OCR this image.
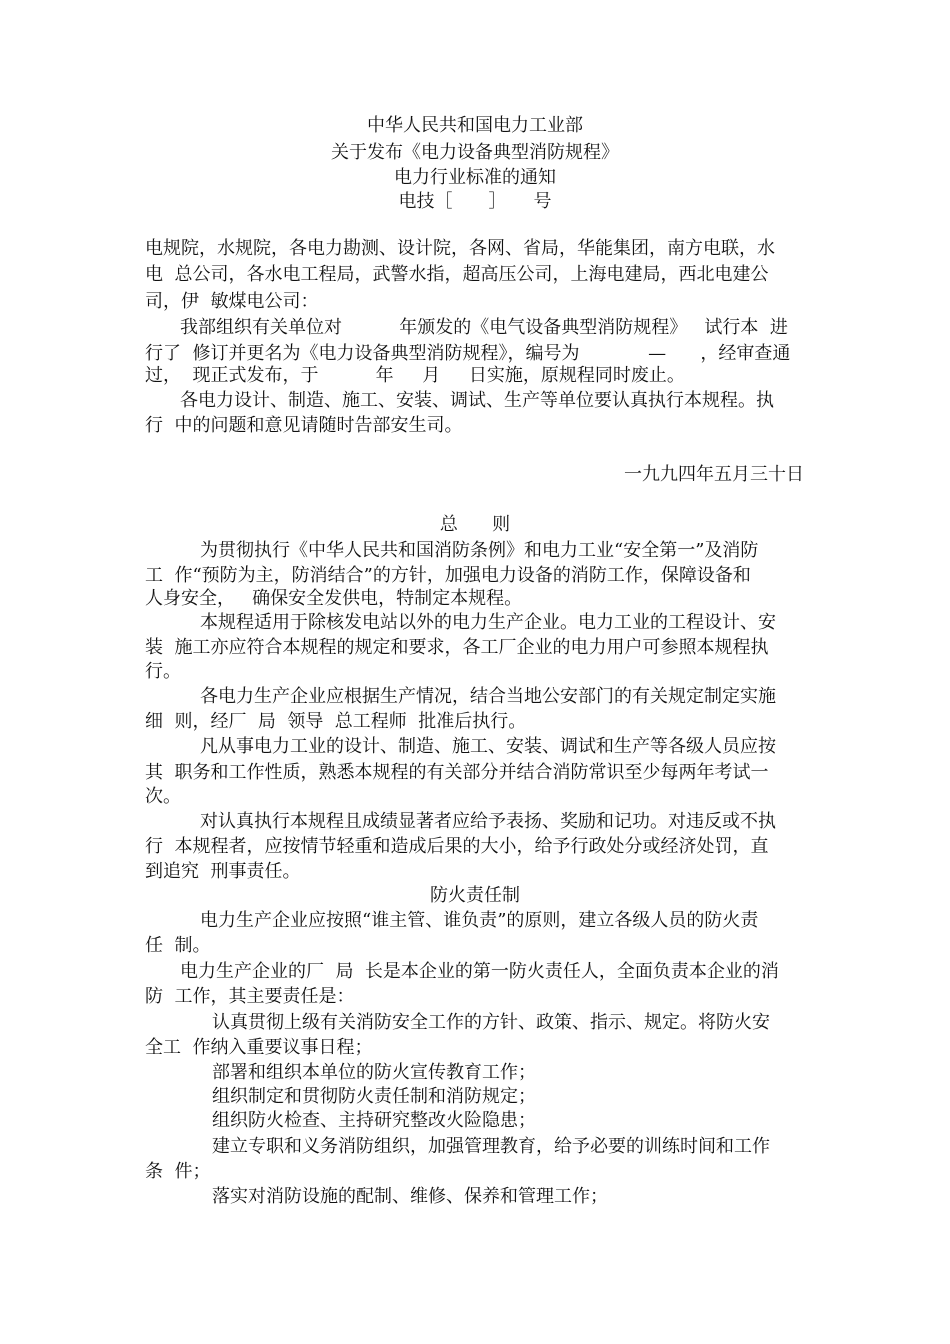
中华人民共和国电力工业部
关于发布《电力设备典型消防规程》
电力行业标准的通知
电技［　　］　　号
电规院，水规院，各电力勘测、设计院，各网、省局，华能集团，南方电联，水
电  总公司，各水电工程局，武警水指，超高压公司，上海电建局，西北电建公
司，伊  敏煤电公司：
我部组织有关单位对          年颁发的《电气设备典型消防规程》   试行本  进
行了  修订并更名为《电力设备典型消防规程》，编号为            —      ，经审查通
过，  现正式发布，于          年     月     日实施，原规程同时废止。
各电力设计、制造、施工、安装、调试、生产等单位要认真执行本规程。执
行  中的问题和意见请随时告部安生司。
一九九四年五月三十日
总      则
为贯彻执行《中华人民共和国消防条例》和电力工业“安全第一”及消防
工  作“预防为主，防消结合”的方针，加强电力设备的消防工作，保障设备和
人身安全，   确保安全发供电，特制定本规程。
本规程适用于除核发电站以外的电力生产企业。电力工业的工程设计、安
装  施工亦应符合本规程的规定和要求，各工厂企业的电力用户可参照本规程执
行。
各电力生产企业应根据生产情况，结合当地公安部门的有关规定制定实施
细  则，经厂  局  领导  总工程师  批准后执行。
凡从事电力工业的设计、制造、施工、安装、调试和生产等各级人员应按
其  职务和工作性质，熟悉本规程的有关部分并结合消防常识至少每两年考试一
次。
对认真执行本规程且成绩显著者应给予表扬、奖励和记功。对违反或不执
行  本规程者，应按情节轻重和造成后果的大小，给予行政处分或经济处罚，直
到追究  刑事责任。
防火责任制
电力生产企业应按照“谁主管、谁负责”的原则，建立各级人员的防火责
任  制。
电力生产企业的厂  局  长是本企业的第一防火责任人，全面负责本企业的消
防  工作，其主要责任是：
认真贯彻上级有关消防安全工作的方针、政策、指示、规定。将防火安
全工  作纳入重要议事日程；
部署和组织本单位的防火宣传教育工作；
组织制定和贯彻防火责任制和消防规定；
组织防火检查、主持研究整改火险隐患；
建立专职和义务消防组织，加强管理教育，给予必要的训练时间和工作
条  件；
落实对消防设施的配制、维修、保养和管理工作；
